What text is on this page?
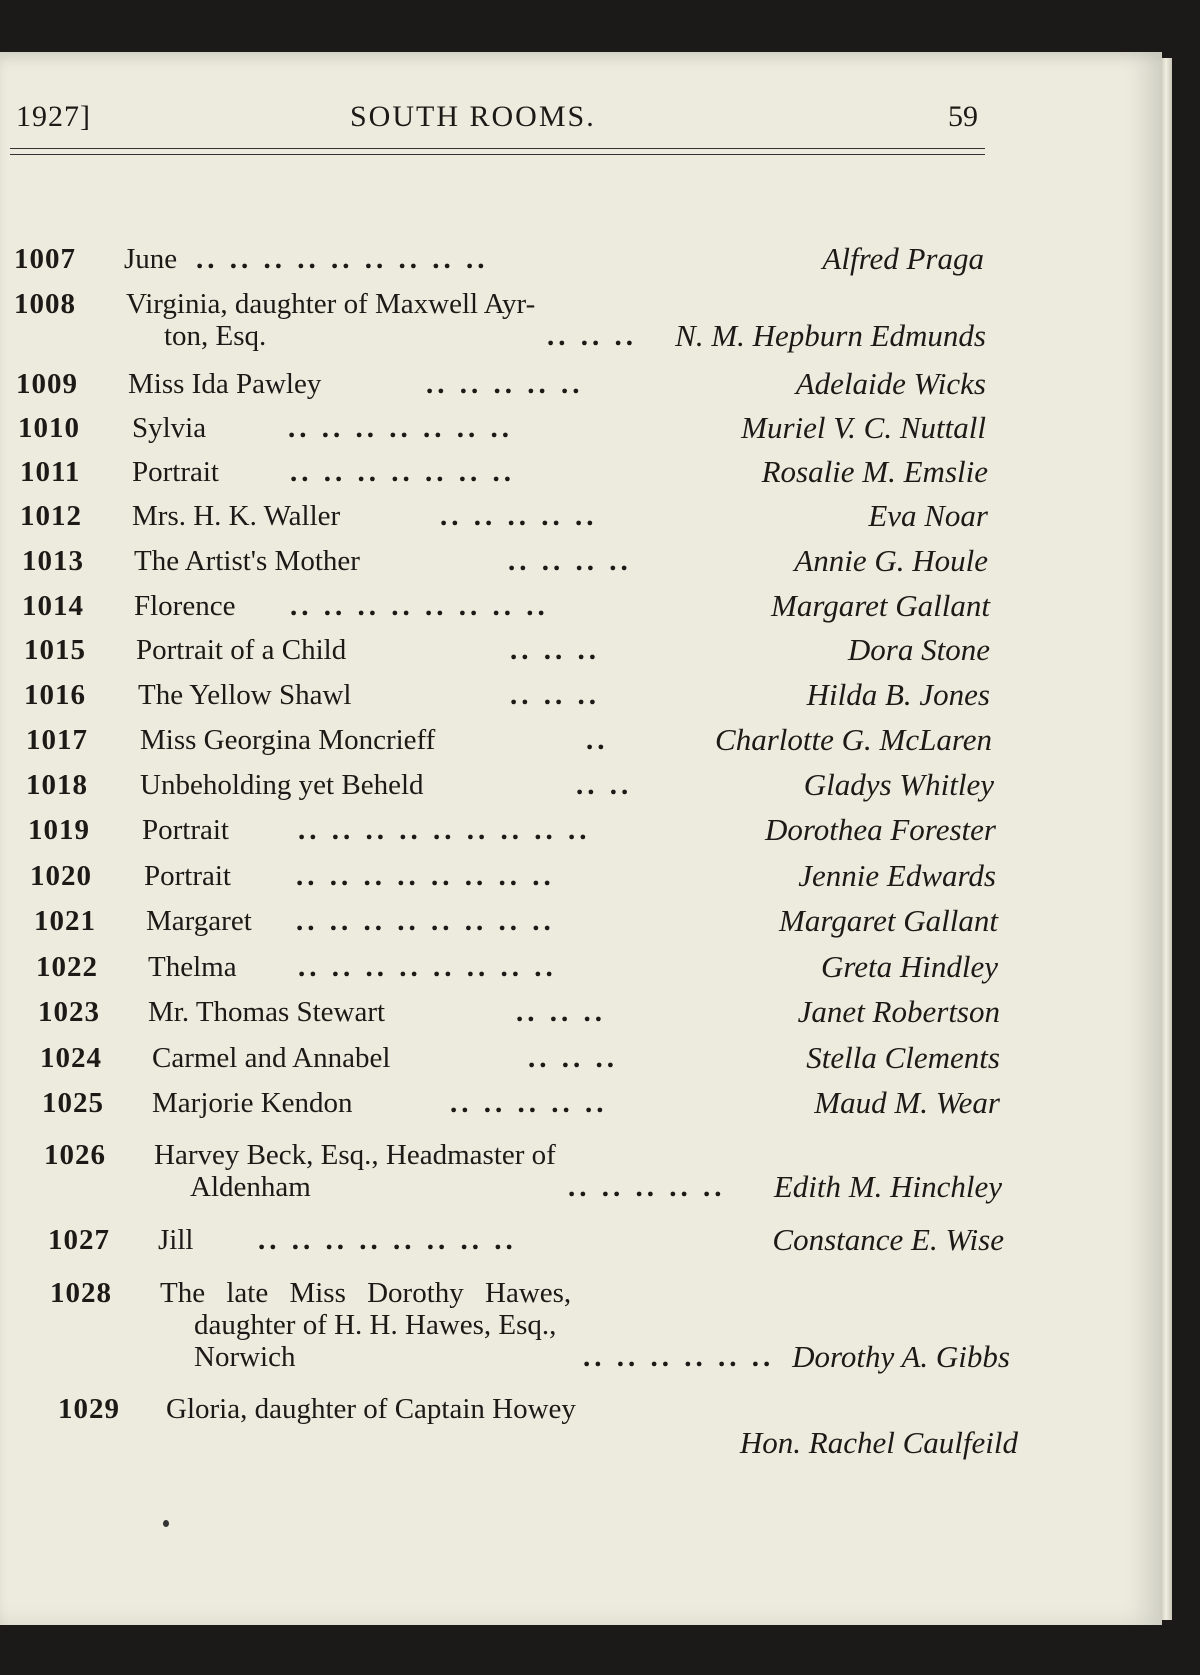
1927]	SOUTH ROOMS.	59
1007 June .. .. .. .. .. .. .. .. ..	Alfred Praga
1008 Virginia, daughter of Maxwell Ayr-
ton, Esq.	.. .. .. N. M. Hepburn Edmunds
1009 Miss Ida Pawley	.. .. .. .. ..	Adelaide Wicks
1010 Sylvia	.. .. .. .. .. .. ..	Muriel V. C. Nuttall
1011 Portrait .. .. .. .. .. .. ..	Rosalie M. Emslie
1012 Mrs. H. K. Waller	.. .. .. .. ..	Eva Noar
1013 The Artist's Mother	.. .. .. ..	Annie G. Houle
1014 Florence .. .. .. .. .. .. .. ..	Margaret Gallant
1015 Portrait of a Child	.. .. ..	Dora Stone
1016 The Yellow Shawl	.. .. ..	Hilda B. Jones
1017 Miss Georgina Moncrieff	..	Charlotte G. McLaren
1018 Unbeholding yet Beheld	.. ..	Gladys Whitley
1019 Portrait .. .. .. .. .. .. .. .. ..	Dorothea Forester
1020 Portrait .. .. .. .. .. .. .. ..	Jennie Edwards
1021 Margaret .. .. .. .. .. .. .. ..	Margaret Gallant
1022 Thelma .. .. .. .. .. .. .. ..	Greta Hindley
1023 Mr. Thomas Stewart	.. .. ..	Janet Robertson
1024 Carmel and Annabel	.. .. ..	Stella Clements
1025 Marjorie Kendon	.. .. .. .. ..	Maud M. Wear
1026 Harvey Beck, Esq., Headmaster of
Aldenham	.. .. .. .. .. Edith M. Hinchley
1027 Jill .. .. .. .. .. .. .. ..	Constance E. Wise
1028 The late Miss Dorothy Hawes,
daughter of H. H. Hawes, Esq.,
Norwich	.. .. .. .. .. .. Dorothy A. Gibbs
1029 Gloria, daughter of Captain Howey
Hon. Rachel Caulfeild
